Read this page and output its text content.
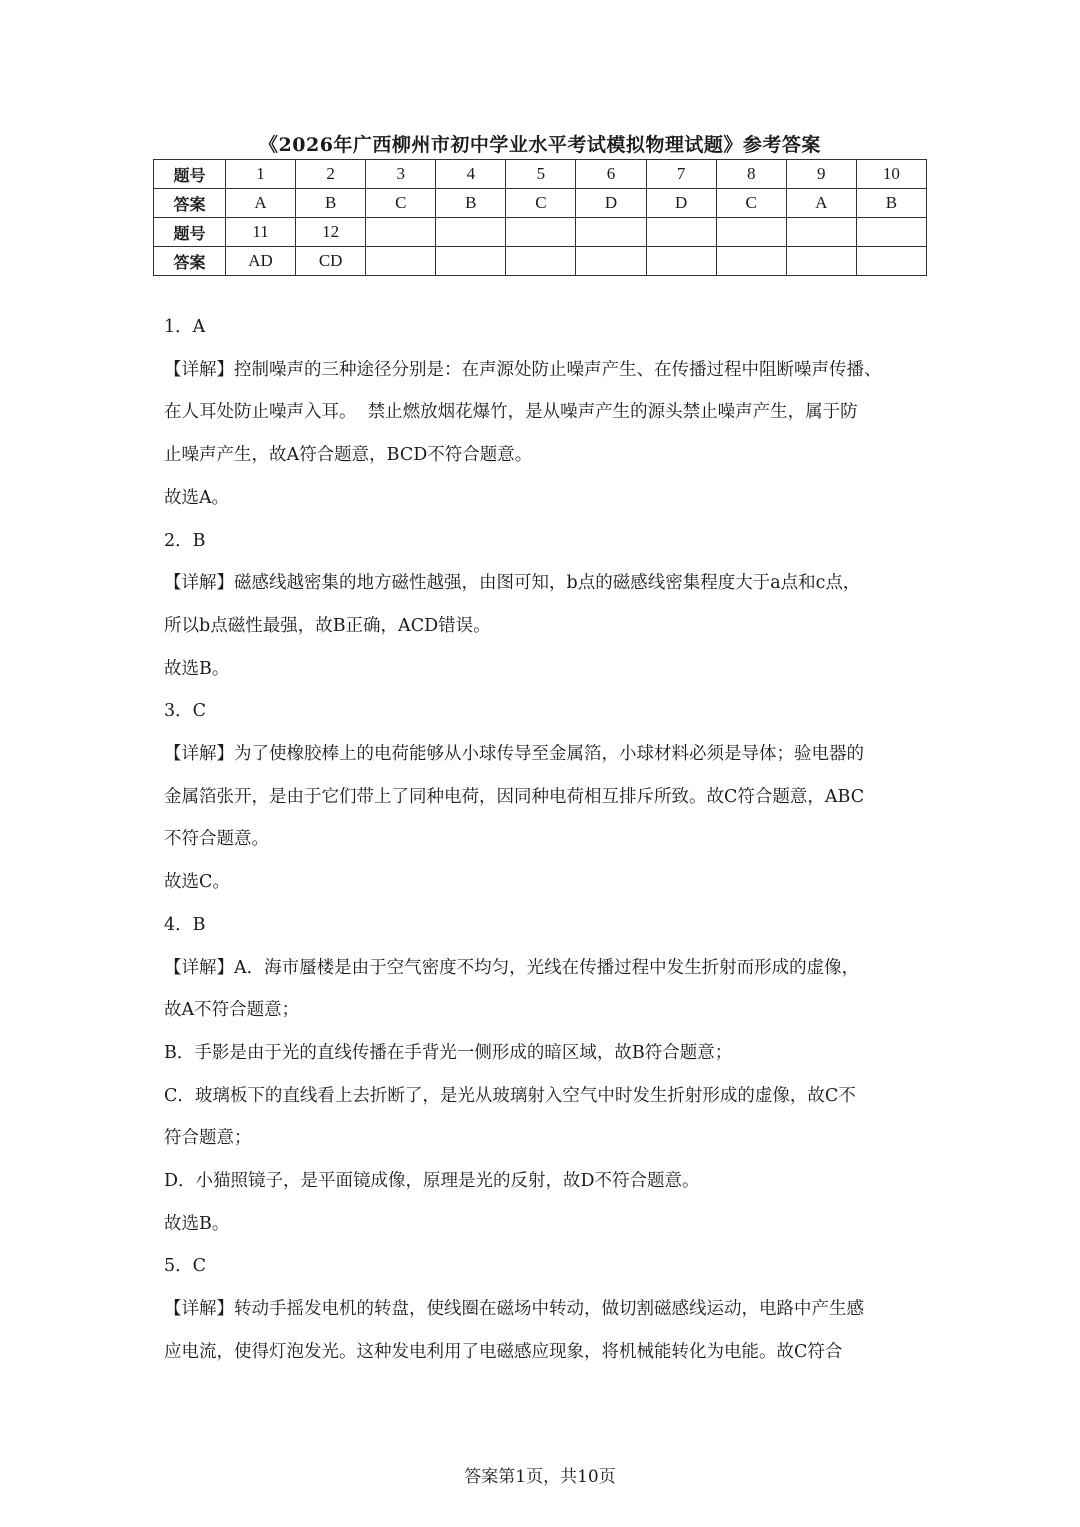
《2026年广西柳州市初中学业水平考试模拟物理试题》参考答案
题号	1	2	3	4	5	6	7	8	9	10
答案	A	B	C	B	C	D	D	C	A	B
题号	11	12								
答案	AD	CD								

1．A

【详解】控制噪声的三种途径分别是：在声源处防止噪声产生、在传播过程中阻断噪声传播、

在人耳处防止噪声入耳。  禁止燃放烟花爆竹，是从噪声产生的源头禁止噪声产生，属于防

止噪声产生，故A符合题意，BCD不符合题意。

故选A。

2．B

【详解】磁感线越密集的地方磁性越强，由图可知，b点的磁感线密集程度大于a点和c点，

所以b点磁性最强，故B正确，ACD错误。

故选B。

3．C

【详解】为了使橡胶棒上的电荷能够从小球传导至金属箔，小球材料必须是导体；验电器的

金属箔张开，是由于它们带上了同种电荷，因同种电荷相互排斥所致。故C符合题意，ABC

不符合题意。

故选C。

4．B

【详解】A．海市蜃楼是由于空气密度不均匀，光线在传播过程中发生折射而形成的虚像，

故A不符合题意；

B．手影是由于光的直线传播在手背光一侧形成的暗区域，故B符合题意；

C．玻璃板下的直线看上去折断了，是光从玻璃射入空气中时发生折射形成的虚像，故C不

符合题意；

D．小猫照镜子，是平面镜成像，原理是光的反射，故D不符合题意。

故选B。

5．C

【详解】转动手摇发电机的转盘，使线圈在磁场中转动，做切割磁感线运动，电路中产生感

应电流，使得灯泡发光。这种发电利用了电磁感应现象，将机械能转化为电能。故C符合

答案第1页，共10页
